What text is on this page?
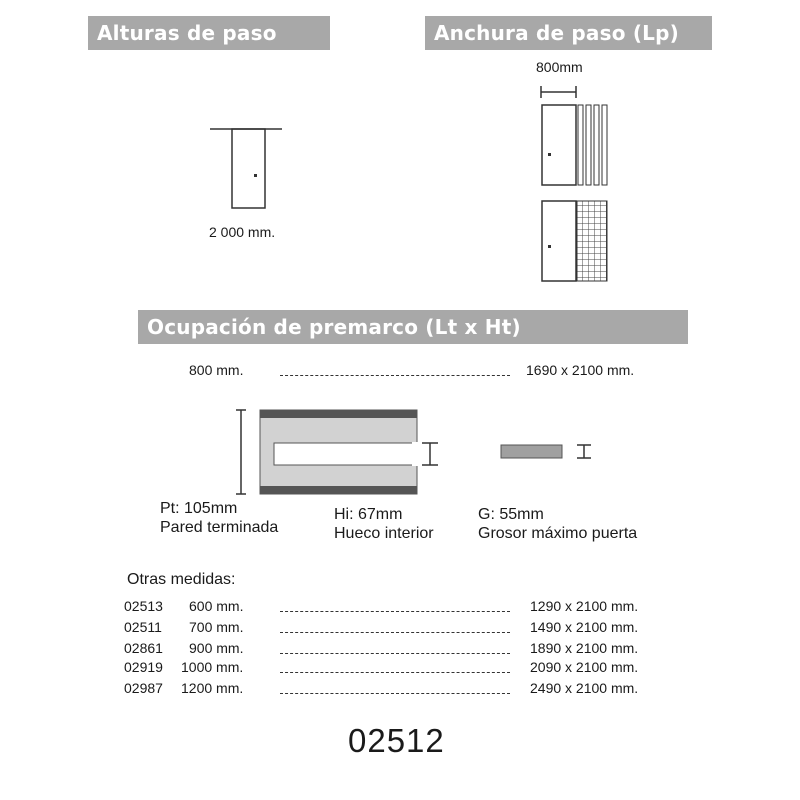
Alturas de paso (Hp)
Anchura de paso (Lp)
Ocupación de premarco (Lt x Ht)
2 000 mm.
800mm
800 mm.	1690 x 2100 mm.
Pt: 105mm
Pared terminada
Hi: 67mm
Hueco interior
G: 55mm
Grosor máximo puerta
Otras medidas:
02513 600 mm.	1290 x 2100 mm.
02511 700 mm.	1490 x 2100 mm.
02861 900 mm.	1890 x 2100 mm.
02919 1000 mm.	2090 x 2100 mm.
02987 1200 mm.	2490 x 2100 mm.
02512
